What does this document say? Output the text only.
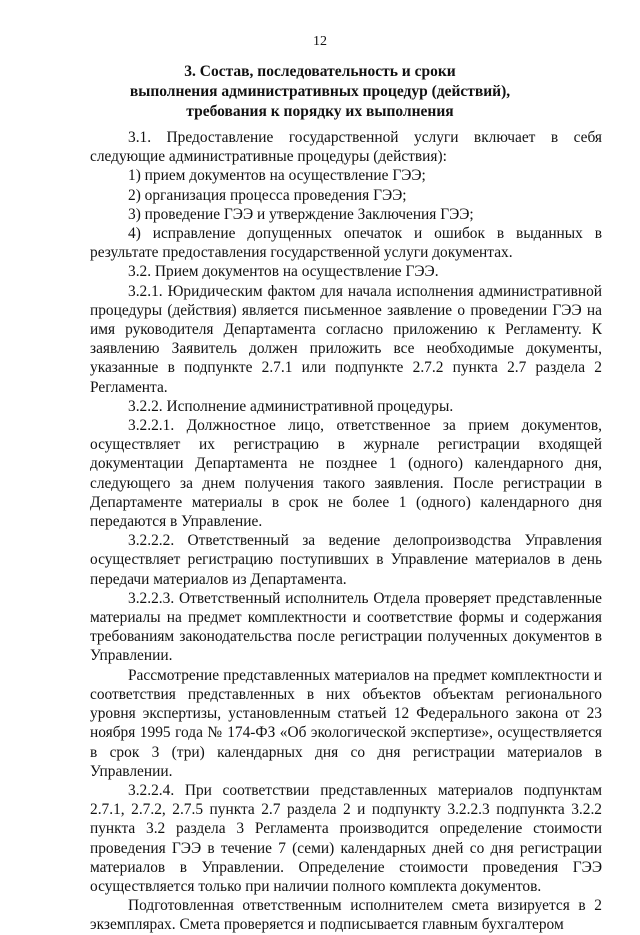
12
3. Состав, последовательность и сроки
выполнения административных процедур (действий),
требования к порядку их выполнения

3.1. Предоставление государственной услуги включает в себя следующие административные процедуры (действия):

1) прием документов на осуществление ГЭЭ;

2) организация процесса проведения ГЭЭ;

3) проведение ГЭЭ и утверждение Заключения ГЭЭ;

4) исправление допущенных опечаток и ошибок в выданных в результате предоставления государственной услуги документах.

3.2. Прием документов на осуществление ГЭЭ.

3.2.1. Юридическим фактом для начала исполнения административной процедуры (действия) является письменное заявление о проведении ГЭЭ на имя руководителя Департамента согласно приложению к Регламенту. К заявлению Заявитель должен приложить все необходимые документы, указанные в подпункте 2.7.1 или подпункте 2.7.2 пункта 2.7 раздела 2 Регламента.

3.2.2. Исполнение административной процедуры.

3.2.2.1. Должностное лицо, ответственное за прием документов, осуществляет их регистрацию в журнале регистрации входящей документации Департамента не позднее 1 (одного) календарного дня, следующего за днем получения такого заявления. После регистрации в Департаменте материалы в срок не более 1 (одного) календарного дня передаются в Управление.

3.2.2.2. Ответственный за ведение делопроизводства Управления осуществляет регистрацию поступивших в Управление материалов в день передачи материалов из Департамента.

3.2.2.3. Ответственный исполнитель Отдела проверяет представленные материалы на предмет комплектности и соответствие формы и содержания требованиям законодательства после регистрации полученных документов в Управлении.

Рассмотрение представленных материалов на предмет комплектности и соответствия представленных в них объектов объектам регионального уровня экспертизы, установленным статьей 12 Федерального закона от 23 ноября 1995 года № 174-ФЗ «Об экологической экспертизе», осуществляется в срок 3 (три) календарных дня со дня регистрации материалов в Управлении.

3.2.2.4. При соответствии представленных материалов подпунктам 2.7.1, 2.7.2, 2.7.5 пункта 2.7 раздела 2 и подпункту 3.2.2.3 подпункта 3.2.2 пункта 3.2 раздела 3 Регламента производится определение стоимости проведения ГЭЭ в течение 7 (семи) календарных дней со дня регистрации материалов в Управлении. Определение стоимости проведения ГЭЭ осуществляется только при наличии полного комплекта документов.

Подготовленная ответственным исполнителем смета визируется в 2 экземплярах. Смета проверяется и подписывается главным бухгалтером
